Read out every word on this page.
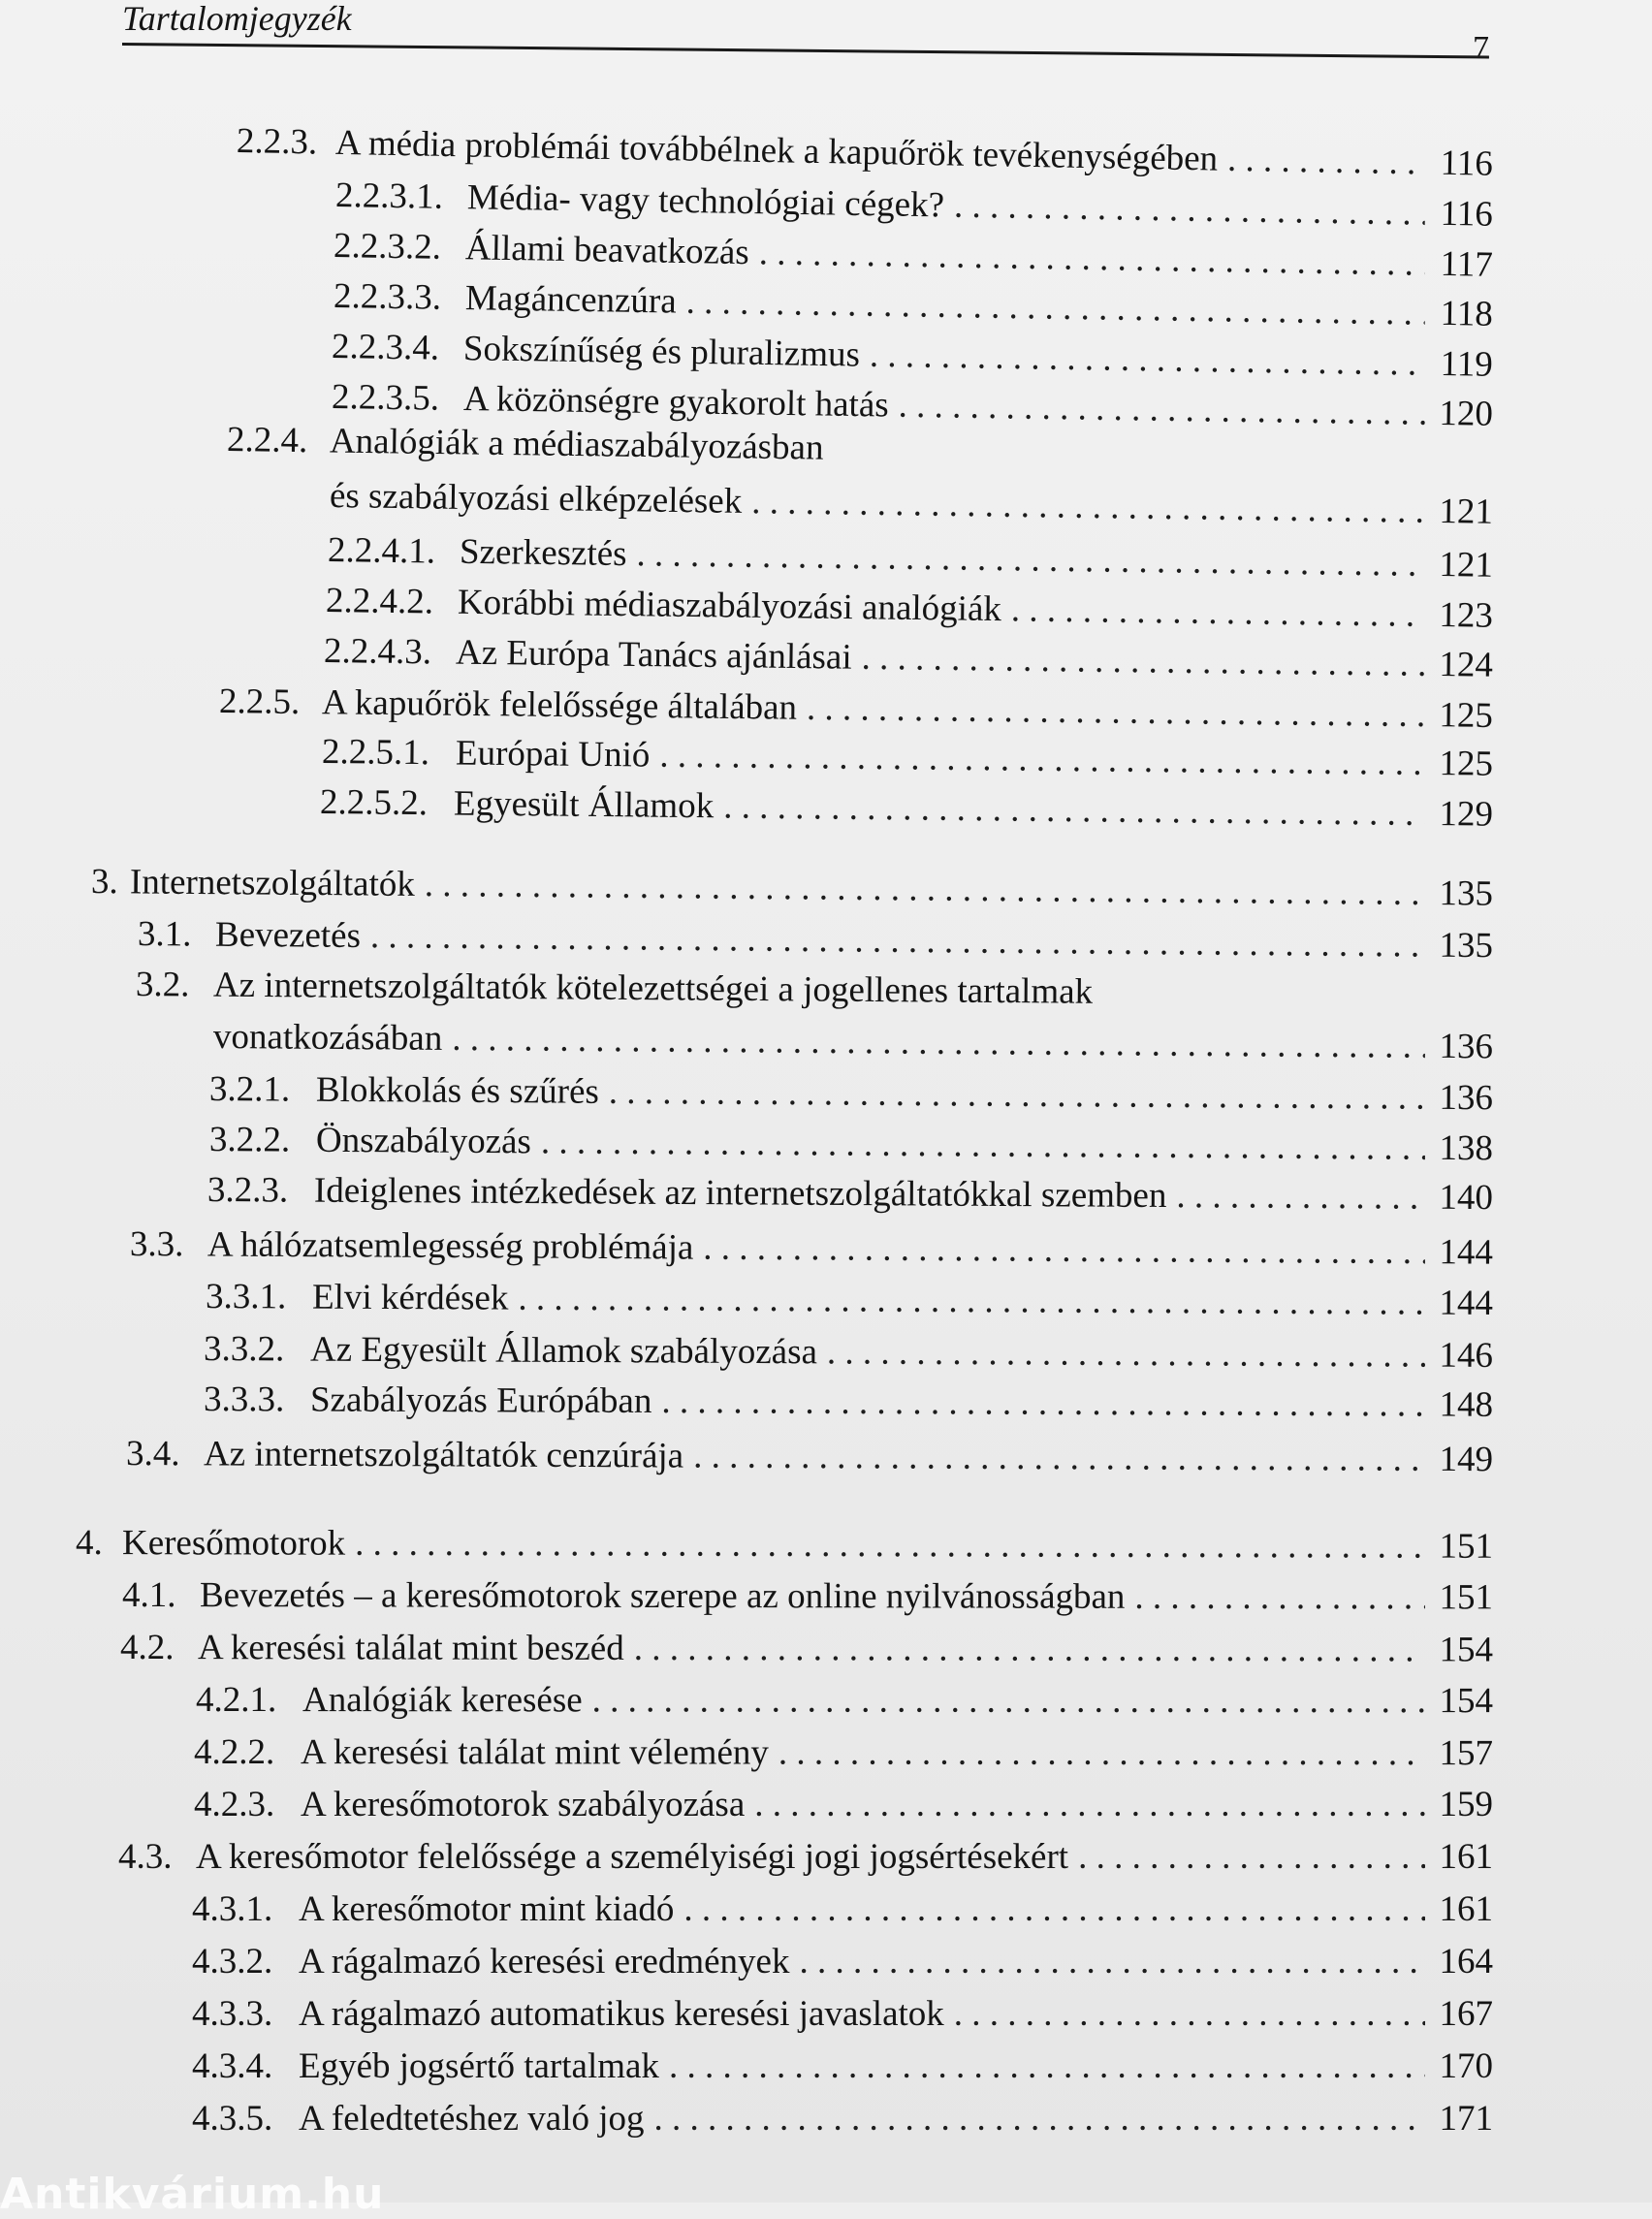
Tartalomjegyzék
7
2.2.3. A média problémái továbbélnek a kapuőrök tevékenységében . . .	116
2.2.3.1. Média- vagy technológiai cégek? . . .	116
2.2.3.2. Állami beavatkozás . . .	117
2.2.3.3. Magáncenzúra . . .	118
2.2.3.4. Sokszínűség és pluralizmus . . .	119
2.2.3.5. A közönségre gyakorolt hatás . . .	120
2.2.4. Analógiák a médiaszabályozásban
és szabályozási elképzelések . . .	121
2.2.4.1. Szerkesztés . . .	121
2.2.4.2. Korábbi médiaszabályozási analógiák . . .	123
2.2.4.3. Az Európa Tanács ajánlásai . . .	124
2.2.5. A kapuőrök felelőssége általában . . .	125
2.2.5.1. Európai Unió . . .	125
2.2.5.2. Egyesült Államok . . .	129
3. Internetszolgáltatók . . .	135
3.1. Bevezetés . . .	135
3.2. Az internetszolgáltatók kötelezettségei a jogellenes tartalmak
vonatkozásában . . .	136
3.2.1. Blokkolás és szűrés . . .	136
3.2.2. Önszabályozás . . .	138
3.2.3. Ideiglenes intézkedések az internetszolgáltatókkal szemben . . .	140
3.3. A hálózatsemlegesség problémája . . .	144
3.3.1. Elvi kérdések . . .	144
3.3.2. Az Egyesült Államok szabályozása . . .	146
3.3.3. Szabályozás Európában . . .	148
3.4. Az internetszolgáltatók cenzúrája . . .	149
4. Keresőmotorok . . .	151
4.1. Bevezetés – a keresőmotorok szerepe az online nyilvánosságban . . .	151
4.2. A keresési találat mint beszéd . . .	154
4.2.1. Analógiák keresése . . .	154
4.2.2. A keresési találat mint vélemény . . .	157
4.2.3. A keresőmotorok szabályozása . . .	159
4.3. A keresőmotor felelőssége a személyiségi jogi jogsértésekért . . .	161
4.3.1. A keresőmotor mint kiadó . . .	161
4.3.2. A rágalmazó keresési eredmények . . .	164
4.3.3. A rágalmazó automatikus keresési javaslatok . . .	167
4.3.4. Egyéb jogsértő tartalmak . . .	170
4.3.5. A feledtetéshez való jog . . .	171
Antikvárium.hu
